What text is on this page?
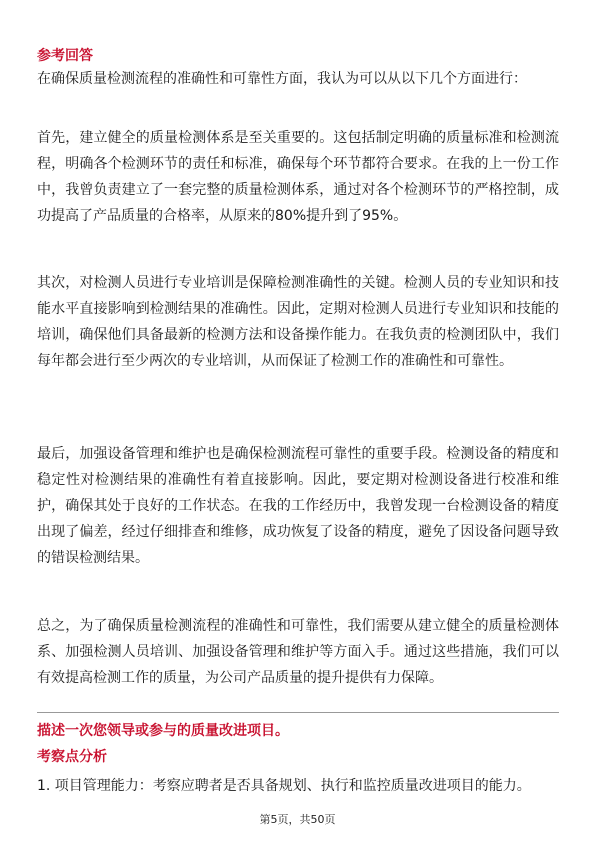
参考回答
在确保质量检测流程的准确性和可靠性方面，我认为可以从以下几个方面进行：
首先，建立健全的质量检测体系是至关重要的。这包括制定明确的质量标准和检测流程，明确各个检测环节的责任和标准，确保每个环节都符合要求。在我的上一份工作中，我曾负责建立了一套完整的质量检测体系，通过对各个检测环节的严格控制，成功提高了产品质量的合格率，从原来的80%提升到了95%。
其次，对检测人员进行专业培训是保障检测准确性的关键。检测人员的专业知识和技能水平直接影响到检测结果的准确性。因此，定期对检测人员进行专业知识和技能的培训，确保他们具备最新的检测方法和设备操作能力。在我负责的检测团队中，我们每年都会进行至少两次的专业培训，从而保证了检测工作的准确性和可靠性。
最后，加强设备管理和维护也是确保检测流程可靠性的重要手段。检测设备的精度和稳定性对检测结果的准确性有着直接影响。因此，要定期对检测设备进行校准和维护，确保其处于良好的工作状态。在我的工作经历中，我曾发现一台检测设备的精度出现了偏差，经过仔细排查和维修，成功恢复了设备的精度，避免了因设备问题导致的错误检测结果。
总之，为了确保质量检测流程的准确性和可靠性，我们需要从建立健全的质量检测体系、加强检测人员培训、加强设备管理和维护等方面入手。通过这些措施，我们可以有效提高检测工作的质量，为公司产品质量的提升提供有力保障。
描述一次您领导或参与的质量改进项目。
考察点分析
1. 项目管理能力：考察应聘者是否具备规划、执行和监控质量改进项目的能力。
第5页，共50页
